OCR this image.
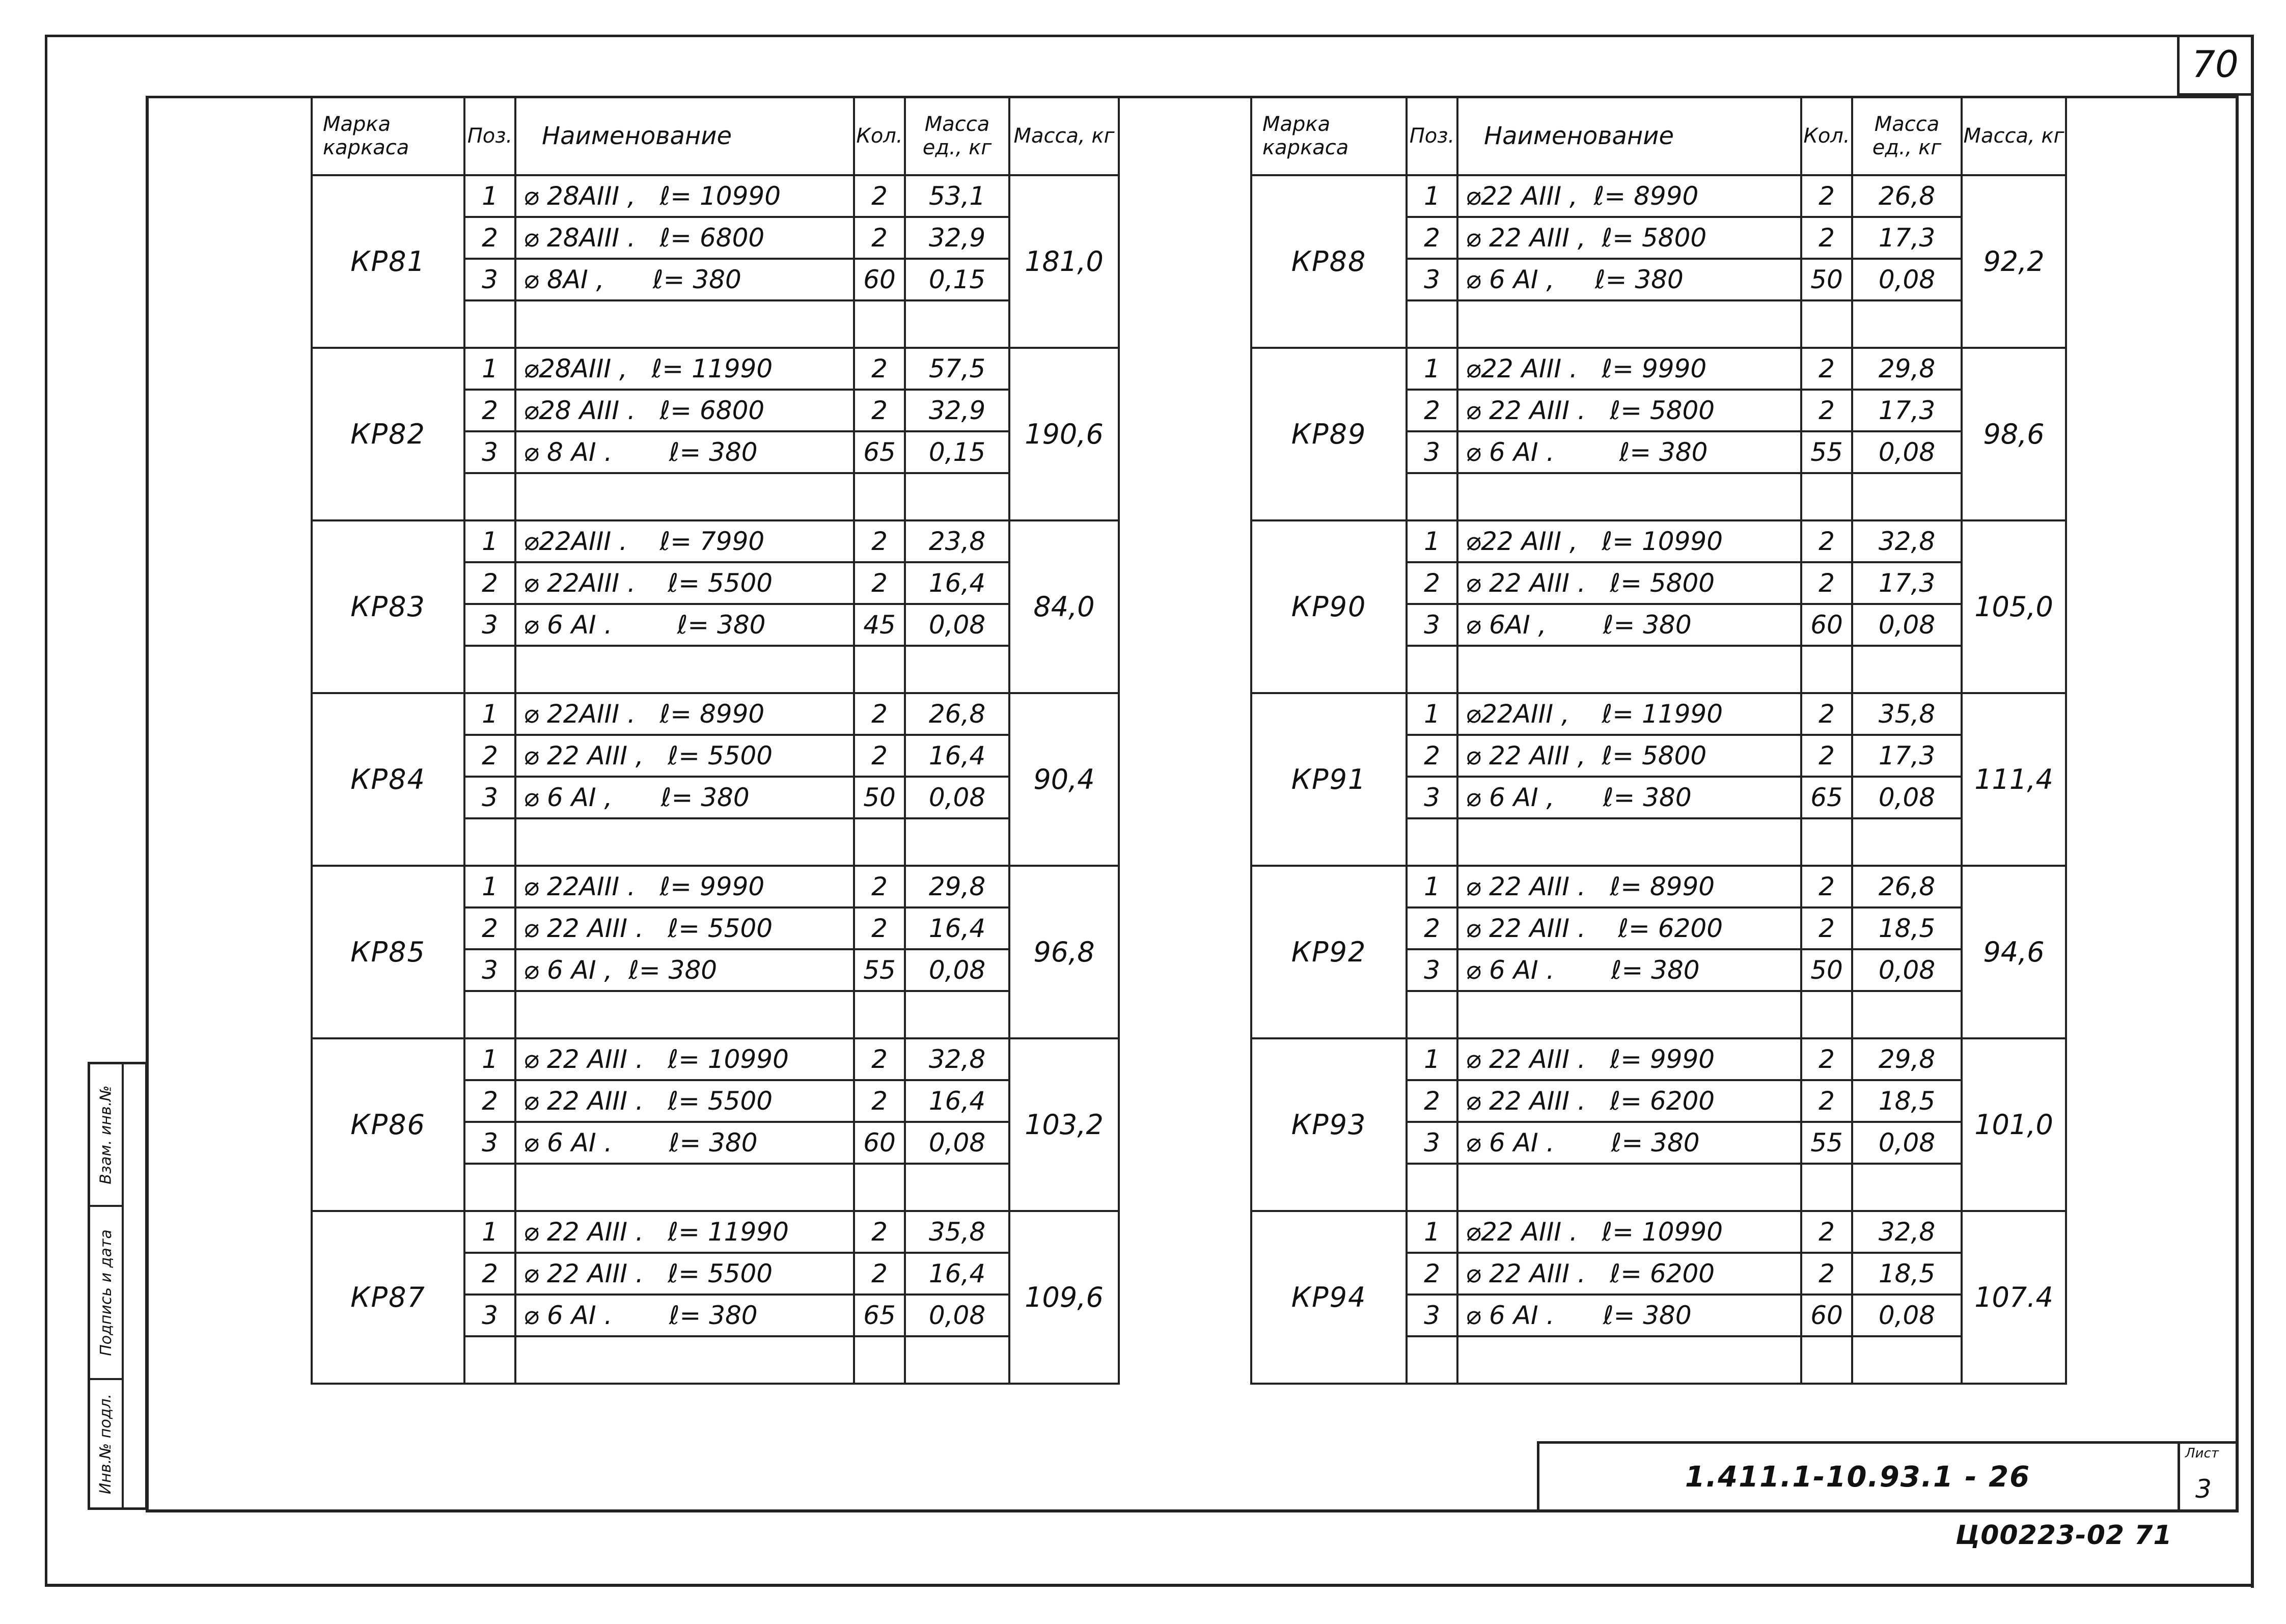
70
Марка каркаса	Поз.	Наименование	Кол.	Масса ед., кг	Масса, кг
КР81	1	⌀ 28АIII ,   ℓ= 10990	2	53,1	181,0
	2	⌀ 28АIII .   ℓ= 6800	2	32,9	
	3	⌀ 8АI ,      ℓ= 380	60	0,15	

КР82	1	⌀28АIII ,   ℓ= 11990	2	57,5	190,6
	2	⌀28 АIII .   ℓ= 6800	2	32,9	
	3	⌀ 8 АI .       ℓ= 380	65	0,15	

КР83	1	⌀22АIII .    ℓ= 7990	2	23,8	84,0
	2	⌀ 22АIII .    ℓ= 5500	2	16,4	
	3	⌀ 6 АI .        ℓ= 380	45	0,08	

КР84	1	⌀ 22АIII .   ℓ= 8990	2	26,8	90,4
	2	⌀ 22 АIII ,   ℓ= 5500	2	16,4	
	3	⌀ 6 АI ,      ℓ= 380	50	0,08	

КР85	1	⌀ 22АIII .   ℓ= 9990	2	29,8	96,8
	2	⌀ 22 АIII .   ℓ= 5500	2	16,4	
	3	⌀ 6 АI ,  ℓ= 380	55	0,08	

КР86	1	⌀ 22 АIII .   ℓ= 10990	2	32,8	103,2
	2	⌀ 22 АIII .   ℓ= 5500	2	16,4	
	3	⌀ 6 АI .       ℓ= 380	60	0,08	

КР87	1	⌀ 22 АIII .   ℓ= 11990	2	35,8	109,6
	2	⌀ 22 АIII .   ℓ= 5500	2	16,4	
	3	⌀ 6 АI .       ℓ= 380	65	0,08	

Марка каркаса	Поз.	Наименование	Кол.	Масса ед., кг	Масса, кг
КР88	1	⌀22 АIII ,  ℓ= 8990	2	26,8	92,2
	2	⌀ 22 АIII ,  ℓ= 5800	2	17,3	
	3	⌀ 6 АI ,     ℓ= 380	50	0,08	

КР89	1	⌀22 АIII .   ℓ= 9990	2	29,8	98,6
	2	⌀ 22 АIII .   ℓ= 5800	2	17,3	
	3	⌀ 6 АI .        ℓ= 380	55	0,08	

КР90	1	⌀22 АIII ,   ℓ= 10990	2	32,8	105,0
	2	⌀ 22 АIII .   ℓ= 5800	2	17,3	
	3	⌀ 6АI ,       ℓ= 380	60	0,08	

КР91	1	⌀22АIII ,    ℓ= 11990	2	35,8	111,4
	2	⌀ 22 АIII ,  ℓ= 5800	2	17,3	
	3	⌀ 6 АI ,      ℓ= 380	65	0,08	

КР92	1	⌀ 22 АIII .   ℓ= 8990	2	26,8	94,6
	2	⌀ 22 АIII .    ℓ= 6200	2	18,5	
	3	⌀ 6 АI .       ℓ= 380	50	0,08	

КР93	1	⌀ 22 АIII .   ℓ= 9990	2	29,8	101,0
	2	⌀ 22 АIII .   ℓ= 6200	2	18,5	
	3	⌀ 6 АI .       ℓ= 380	55	0,08	

КР94	1	⌀22 АIII .   ℓ= 10990	2	32,8	107.4
	2	⌀ 22 АIII .   ℓ= 6200	2	18,5	
	3	⌀ 6 АI .      ℓ= 380	60	0,08	

Взам. инв.№
Подпись и дата
Инв.№ подл.	1.411.1-10.93.1 - 26
Лист
3
Ц00223-02 71
